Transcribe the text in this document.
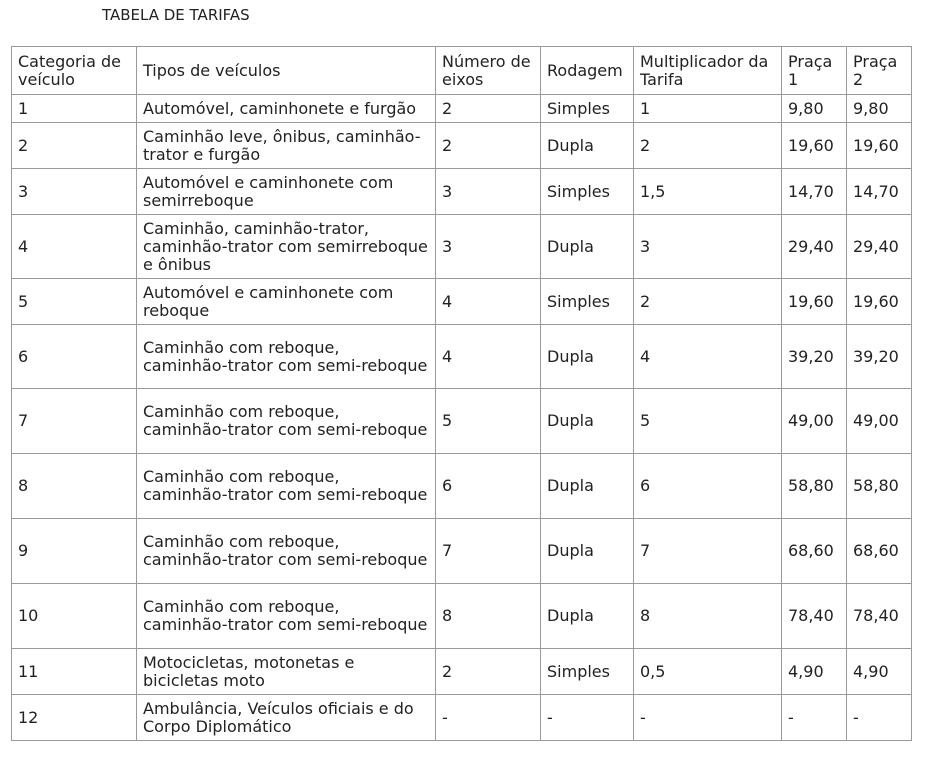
TABELA DE TARIFAS
Categoria de veículo	Tipos de veículos	Número de eixos	Rodagem	Multiplicador da Tarifa	Praça 1	Praça 2
1	Automóvel, caminhonete e furgão	2	Simples	1	9,80	9,80
2	Caminhão leve, ônibus, caminhão-trator e furgão	2	Dupla	2	19,60	19,60
3	Automóvel e caminhonete com semirreboque	3	Simples	1,5	14,70	14,70
4	Caminhão, caminhão-trator, caminhão-trator com semirreboque e ônibus	3	Dupla	3	29,40	29,40
5	Automóvel e caminhonete com reboque	4	Simples	2	19,60	19,60
6	Caminhão com reboque, caminhão-trator com semi-reboque	4	Dupla	4	39,20	39,20
7	Caminhão com reboque, caminhão-trator com semi-reboque	5	Dupla	5	49,00	49,00
8	Caminhão com reboque, caminhão-trator com semi-reboque	6	Dupla	6	58,80	58,80
9	Caminhão com reboque, caminhão-trator com semi-reboque	7	Dupla	7	68,60	68,60
10	Caminhão com reboque, caminhão-trator com semi-reboque	8	Dupla	8	78,40	78,40
11	Motocicletas, motonetas e bicicletas moto	2	Simples	0,5	4,90	4,90
12	Ambulância, Veículos oficiais e do Corpo Diplomático	-	-	-	-	-
